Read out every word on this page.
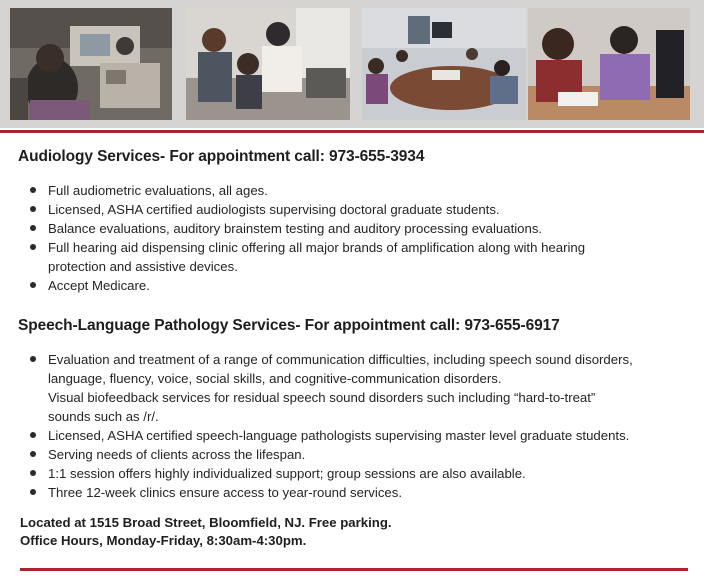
Audiology Services- For appointment call: 973-655-3934
Full audiometric evaluations, all ages.
Licensed, ASHA certified audiologists supervising doctoral graduate students.
Balance evaluations, auditory brainstem testing and auditory processing evaluations.
Full hearing aid dispensing clinic offering all major brands of amplification along with hearing
protection and assistive devices.
Accept Medicare.
Speech-Language Pathology Services- For appointment call: 973-655-6917
Evaluation and treatment of a range of communication difficulties, including speech sound disorders,
language, fluency, voice, social skills, and cognitive-communication disorders.
Visual biofeedback services for residual speech sound disorders such including “hard-to-treat”
sounds such as /r/.
Licensed, ASHA certified speech-language pathologists supervising master level graduate students.
Serving needs of clients across the lifespan.
1:1 session offers highly individualized support; group sessions are also available.
Three 12-week clinics ensure access to year-round services.

Located at 1515 Broad Street, Bloomfield, NJ. Free parking.

Office Hours, Monday-Friday, 8:30am-4:30pm.
